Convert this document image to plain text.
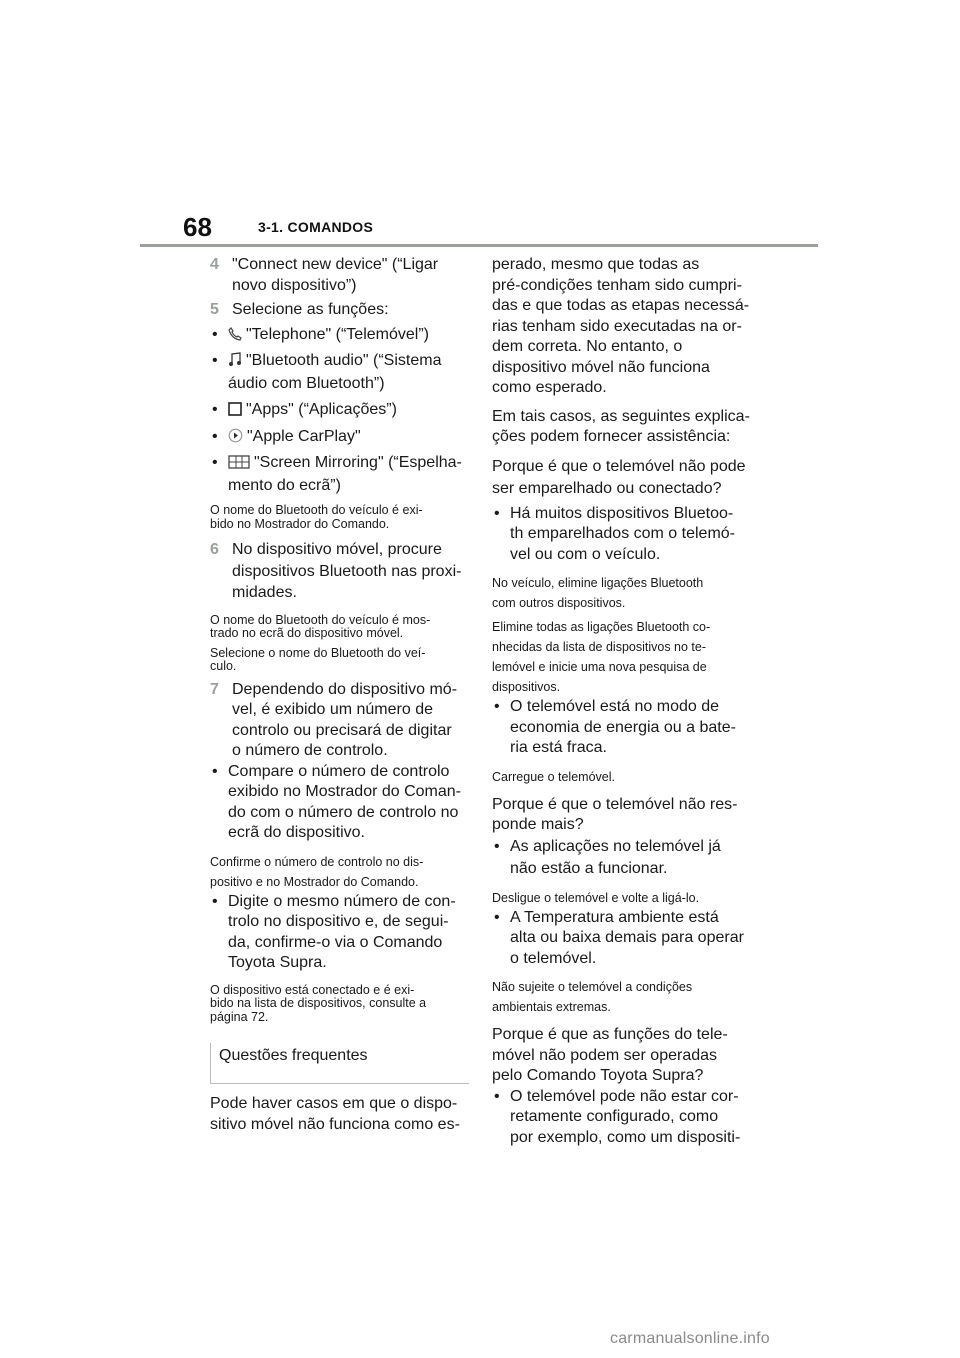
68	3-1. COMANDOS
4 "Connect new device" (“Ligar
novo dispositivo”)
5 Selecione as funções:
•	"Telephone" (“Telemóvel”)
•	"Bluetooth audio" (“Sistema
áudio com Bluetooth”)
•	"Apps" (“Aplicações”)
•	"Apple CarPlay"
•	"Screen Mirroring" (“Espelha-
mento do ecrã”)
O nome do Bluetooth do veículo é exi-
bido no Mostrador do Comando.
6 No dispositivo móvel, procure
dispositivos Bluetooth nas proxi-
midades.
O nome do Bluetooth do veículo é mos-
trado no ecrã do dispositivo móvel.
Selecione o nome do Bluetooth do veí-
culo.
7 Dependendo do dispositivo mó-
vel, é exibido um número de
controlo ou precisará de digitar
o número de controlo.
• Compare o número de controlo
exibido no Mostrador do Coman-
do com o número de controlo no
ecrã do dispositivo.
Confirme o número de controlo no dis-
positivo e no Mostrador do Comando.
• Digite o mesmo número de con-
trolo no dispositivo e, de segui-
da, confirme-o via o Comando
Toyota Supra.
O dispositivo está conectado e é exi-
bido na lista de dispositivos, consulte a
página 72.
Questões frequentes
Pode haver casos em que o dispo-
sitivo móvel não funciona como es-
perado, mesmo que todas as
pré-condições tenham sido cumpri-
das e que todas as etapas necessá-
rias tenham sido executadas na or-
dem correta. No entanto, o
dispositivo móvel não funciona
como esperado.
Em tais casos, as seguintes explica-
ções podem fornecer assistência:
Porque é que o telemóvel não pode
ser emparelhado ou conectado?
• Há muitos dispositivos Bluetoo-
th emparelhados com o telemó-
vel ou com o veículo.
No veículo, elimine ligações Bluetooth
com outros dispositivos.
Elimine todas as ligações Bluetooth co-
nhecidas da lista de dispositivos no te-
lemóvel e inicie uma nova pesquisa de
dispositivos.
• O telemóvel está no modo de
economia de energia ou a bate-
ria está fraca.
Carregue o telemóvel.
Porque é que o telemóvel não res-
ponde mais?
• As aplicações no telemóvel já
não estão a funcionar.
Desligue o telemóvel e volte a ligá-lo.
• A Temperatura ambiente está
alta ou baixa demais para operar
o telemóvel.
Não sujeite o telemóvel a condições
ambientais extremas.
Porque é que as funções do tele-
móvel não podem ser operadas
pelo Comando Toyota Supra?
• O telemóvel pode não estar cor-
retamente configurado, como
por exemplo, como um dispositi-
carmanualsonline.info
